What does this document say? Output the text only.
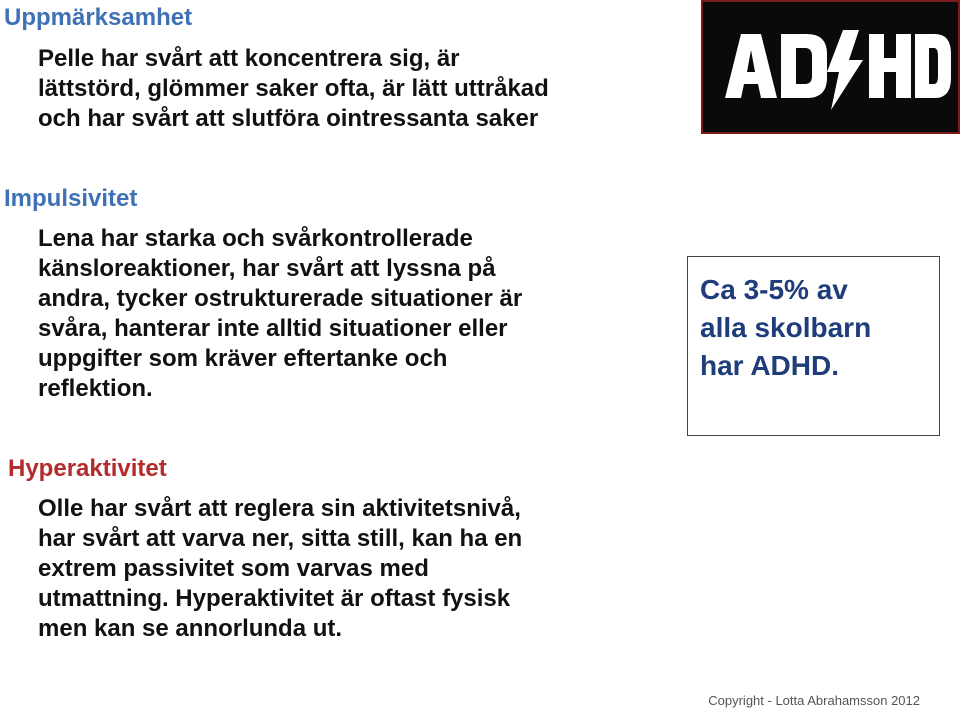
Uppmärksamhet
Pelle har svårt att koncentrera sig, är
lättstörd, glömmer saker ofta, är lätt uttråkad
och har svårt att slutföra ointressanta saker
Impulsivitet
Lena har starka och svårkontrollerade
känsloreaktioner, har svårt att lyssna på
andra, tycker ostrukturerade situationer är
svåra, hanterar inte alltid situationer eller
uppgifter som kräver eftertanke och
reflektion.
Hyperaktivitet
Olle har svårt att reglera sin aktivitetsnivå,
har svårt att varva ner, sitta still, kan ha en
extrem passivitet som varvas med
utmattning. Hyperaktivitet är oftast fysisk
men kan se annorlunda ut.
Ca 3-5% av
alla skolbarn
har ADHD.

Copyright - Lotta Abrahamsson 2012
